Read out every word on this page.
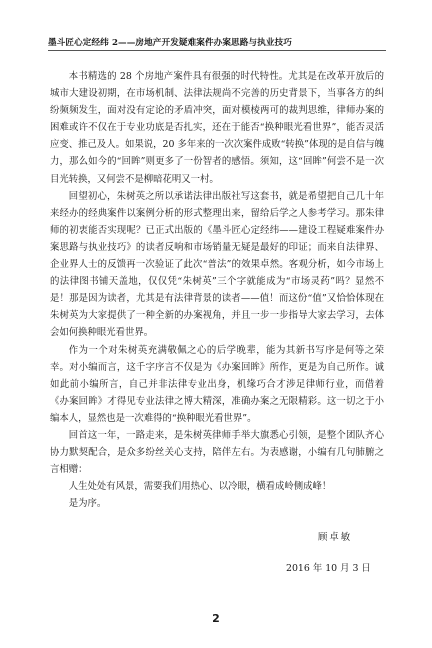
墨斗匠心定经纬 2——房地产开发疑难案件办案思路与执业技巧

本书精选的 28 个房地产案件具有很强的时代特性。尤其是在改革开放后的城市大建设初期，在市场机制、法律法规尚不完善的历史背景下，当事各方的纠纷频频发生，面对没有定论的矛盾冲突，面对模棱两可的裁判思维，律师办案的困难或许不仅在于专业功底是否扎实，还在于能否“换种眼光看世界”，能否灵活应变、推己及人。如果说，20 多年来的一次次案件成败“转换”体现的是自信与魄力，那么如今的“回眸”则更多了一份智者的感悟。须知，这“回眸”何尝不是一次目光转换，又何尝不是柳暗花明又一村。

回望初心，朱树英之所以承诺法律出版社写这套书，就是希望把自己几十年来经办的经典案件以案例分析的形式整理出来，留给后学之人参考学习。那朱律师的初衷能否实现呢？已正式出版的《墨斗匠心定经纬——建设工程疑难案件办案思路与执业技巧》的读者反响和市场销量无疑是最好的印证；而来自法律界、企业界人士的反馈再一次验证了此次“普法”的效果卓然。客观分析，如今市场上的法律图书铺天盖地，仅仅凭“朱树英”三个字就能成为“市场灵药”吗？显然不是！那是因为读者，尤其是有法律背景的读者——值！而这份“值”又恰恰体现在朱树英为大家提供了一种全新的办案视角，并且一步一步指导大家去学习，去体会如何换种眼光看世界。

作为一个对朱树英充满敬佩之心的后学晚辈，能为其新书写序是何等之荣幸。对小编而言，这千字序言不仅是为《办案回眸》所作，更是为自己所作。诚如此前小编所言，自己并非法律专业出身，机缘巧合才涉足律师行业，而借着《办案回眸》才得见专业法律之博大精深，准确办案之无限精彩。这一切之于小编本人，显然也是一次难得的“换种眼光看世界”。

回首这一年，一路走来，是朱树英律师手举大旗悉心引领，是整个团队齐心协力默契配合，是众多纷丝关心支持，陪伴左右。为表感谢，小编有几句肺腑之言相赠：

人生处处有风景，需要我们用热心、以冷眼，横看成岭侧成峰！

是为序。

顾卓敏
2016 年 10 月 3 日
2
